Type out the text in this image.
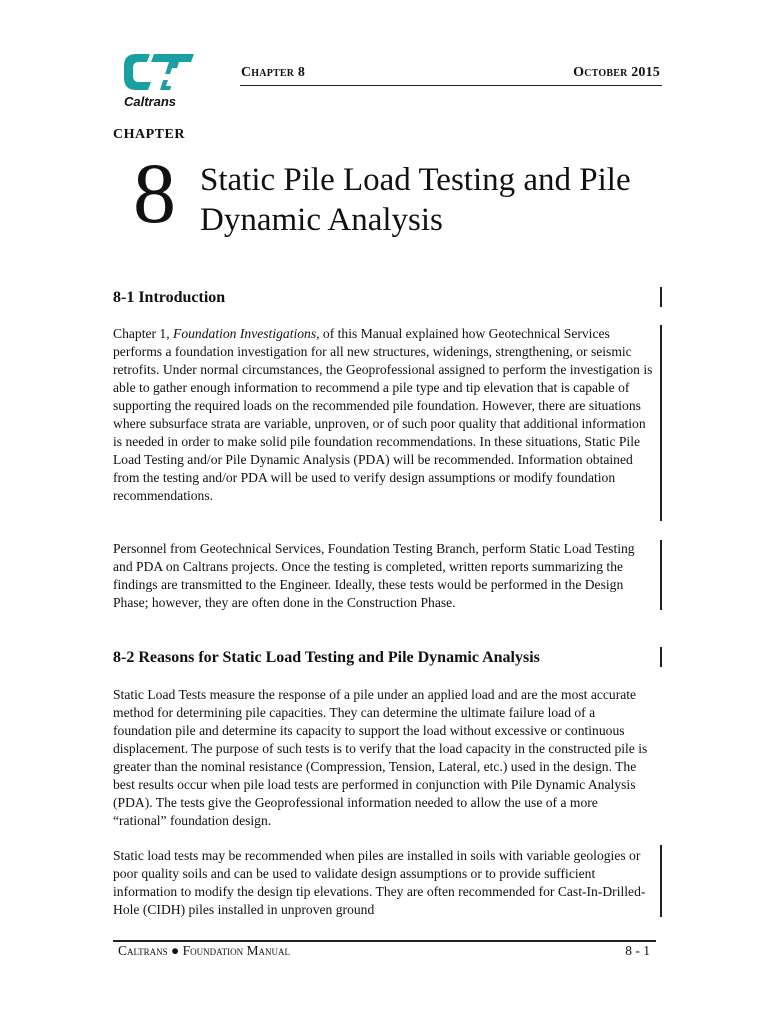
Caltrans
Chapter 8	October 2015
CHAPTER
8 Static Pile Load Testing and Pile Dynamic Analysis
8-1 Introduction
Chapter 1, Foundation Investigations, of this Manual explained how Geotechnical Services performs a foundation investigation for all new structures, widenings, strengthening, or seismic retrofits. Under normal circumstances, the Geoprofessional assigned to perform the investigation is able to gather enough information to recommend a pile type and tip elevation that is capable of supporting the required loads on the recommended pile foundation. However, there are situations where subsurface strata are variable, unproven, or of such poor quality that additional information is needed in order to make solid pile foundation recommendations. In these situations, Static Pile Load Testing and/or Pile Dynamic Analysis (PDA) will be recommended. Information obtained from the testing and/or PDA will be used to verify design assumptions or modify foundation recommendations.
Personnel from Geotechnical Services, Foundation Testing Branch, perform Static Load Testing and PDA on Caltrans projects. Once the testing is completed, written reports summarizing the findings are transmitted to the Engineer. Ideally, these tests would be performed in the Design Phase; however, they are often done in the Construction Phase.
8-2 Reasons for Static Load Testing and Pile Dynamic Analysis
Static Load Tests measure the response of a pile under an applied load and are the most accurate method for determining pile capacities. They can determine the ultimate failure load of a foundation pile and determine its capacity to support the load without excessive or continuous displacement. The purpose of such tests is to verify that the load capacity in the constructed pile is greater than the nominal resistance (Compression, Tension, Lateral, etc.) used in the design. The best results occur when pile load tests are performed in conjunction with Pile Dynamic Analysis (PDA). The tests give the Geoprofessional information needed to allow the use of a more “rational” foundation design.
Static load tests may be recommended when piles are installed in soils with variable geologies or poor quality soils and can be used to validate design assumptions or to provide sufficient information to modify the design tip elevations. They are often recommended for Cast-In-Drilled-Hole (CIDH) piles installed in unproven ground
Caltrans ● Foundation Manual	8 - 1
